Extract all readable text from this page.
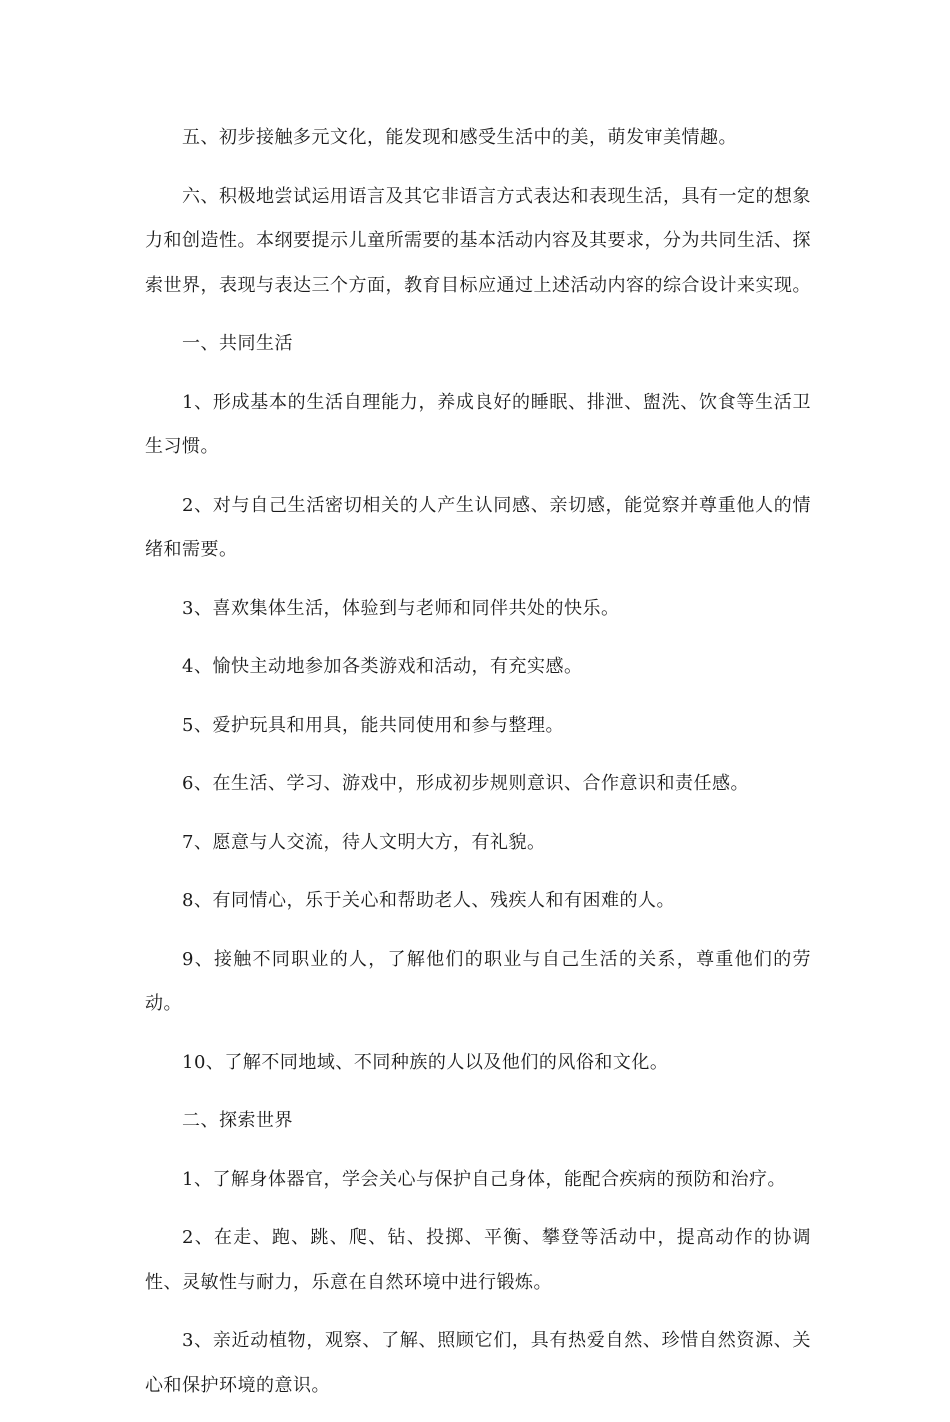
五、初步接触多元文化，能发现和感受生活中的美，萌发审美情趣。

六、积极地尝试运用语言及其它非语言方式表达和表现生活，具有一定的想象力和创造性。本纲要提示儿童所需要的基本活动内容及其要求，分为共同生活、探索世界，表现与表达三个方面，教育目标应通过上述活动内容的综合设计来实现。

一、共同生活

1、形成基本的生活自理能力，养成良好的睡眠、排泄、盥洗、饮食等生活卫生习惯。

2、对与自己生活密切相关的人产生认同感、亲切感，能觉察并尊重他人的情绪和需要。

3、喜欢集体生活，体验到与老师和同伴共处的快乐。

4、愉快主动地参加各类游戏和活动，有充实感。

5、爱护玩具和用具，能共同使用和参与整理。

6、在生活、学习、游戏中，形成初步规则意识、合作意识和责任感。

7、愿意与人交流，待人文明大方，有礼貌。

8、有同情心，乐于关心和帮助老人、残疾人和有困难的人。

9、接触不同职业的人，了解他们的职业与自己生活的关系，尊重他们的劳动。

10、了解不同地域、不同种族的人以及他们的风俗和文化。

二、探索世界

1、了解身体器官，学会关心与保护自己身体，能配合疾病的预防和治疗。

2、在走、跑、跳、爬、钻、投掷、平衡、攀登等活动中，提高动作的协调性、灵敏性与耐力，乐意在自然环境中进行锻炼。

3、亲近动植物，观察、了解、照顾它们，具有热爱自然、珍惜自然资源、关心和保护环境的意识。
